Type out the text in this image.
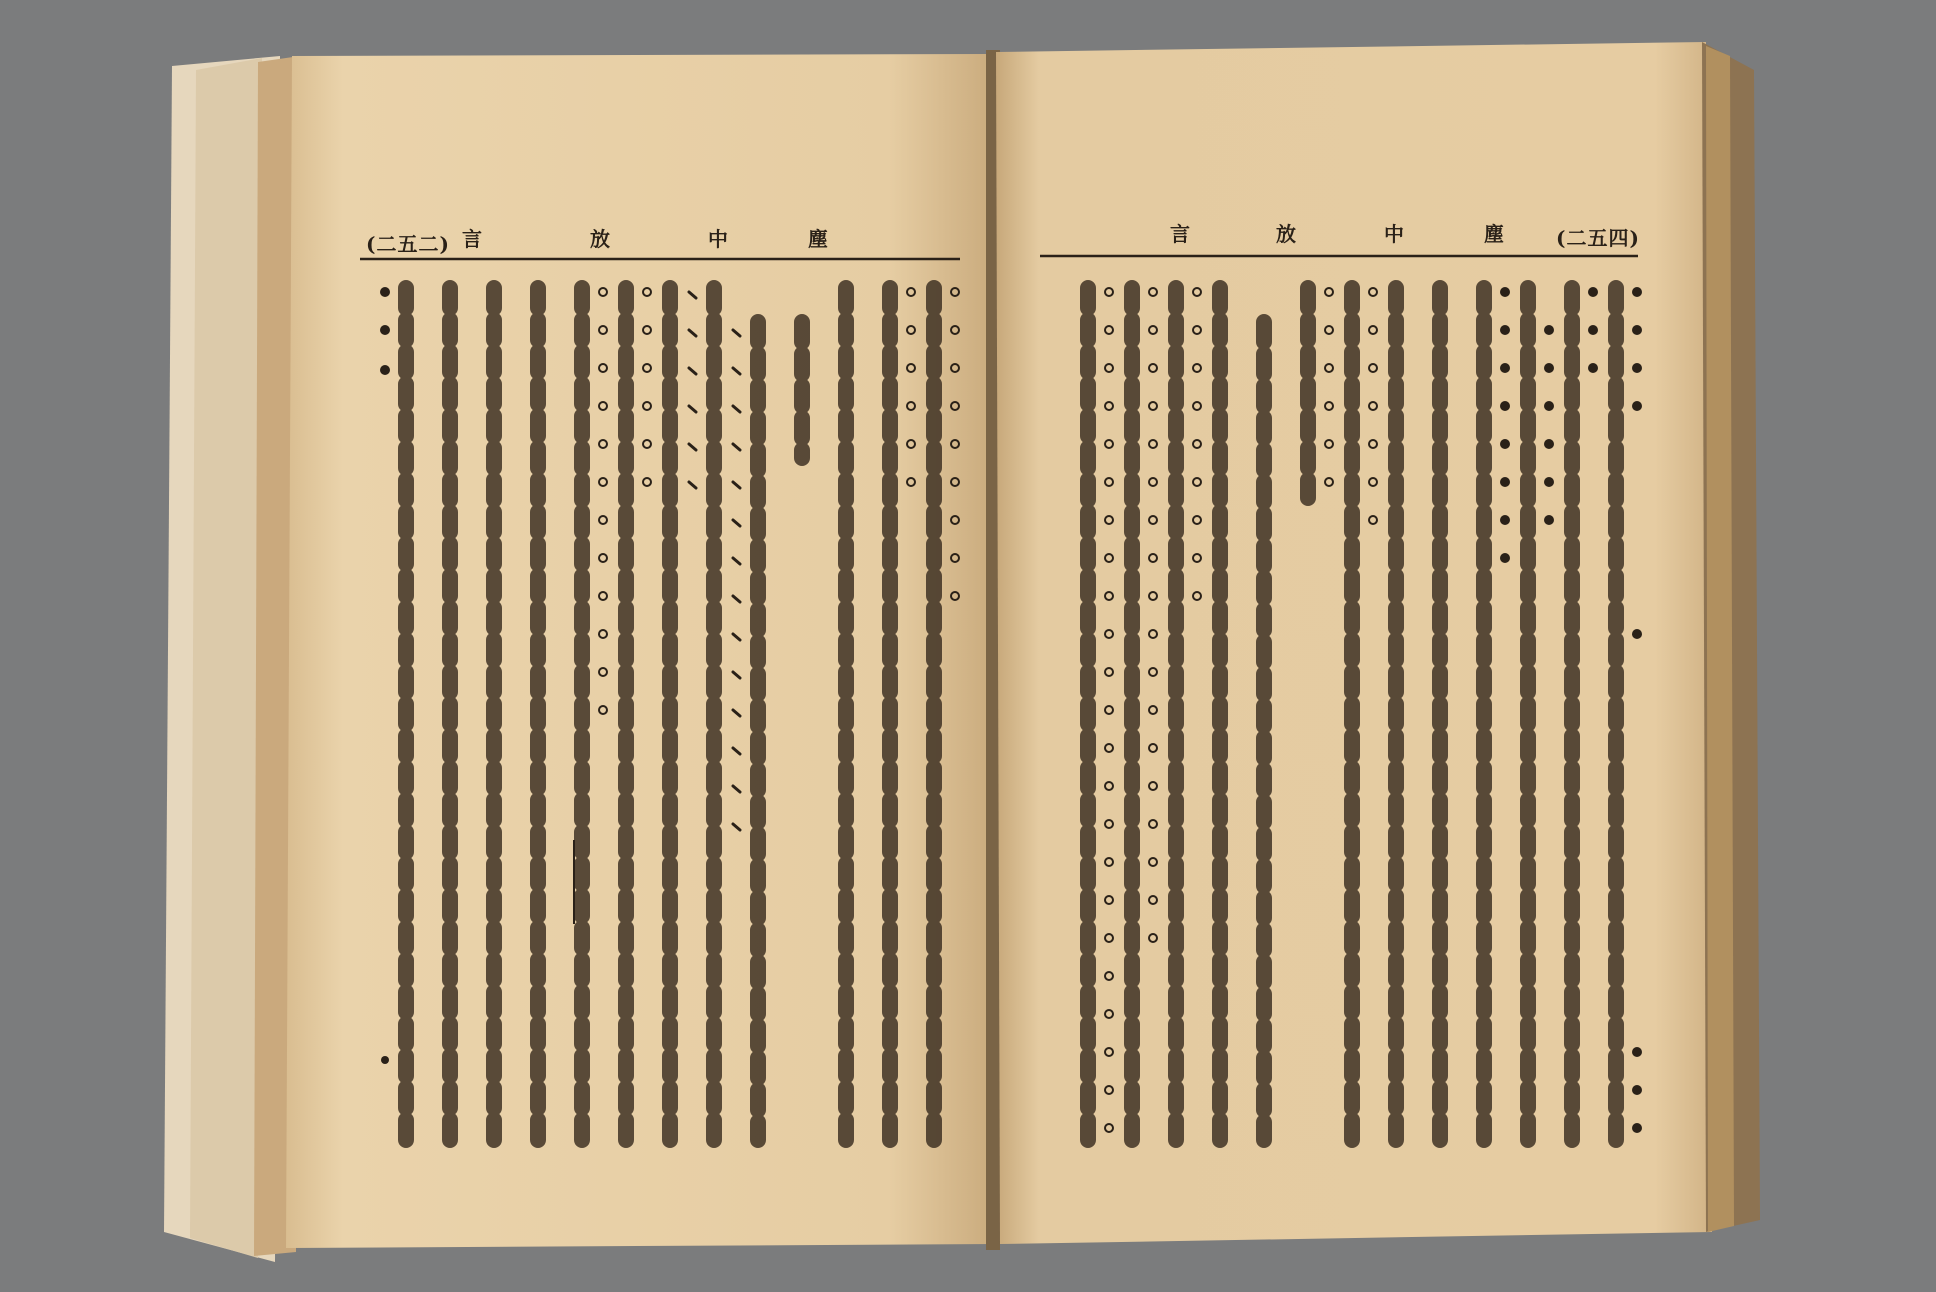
(二五二) 言	放	中	塵	言	放	中	塵	(二五四)
